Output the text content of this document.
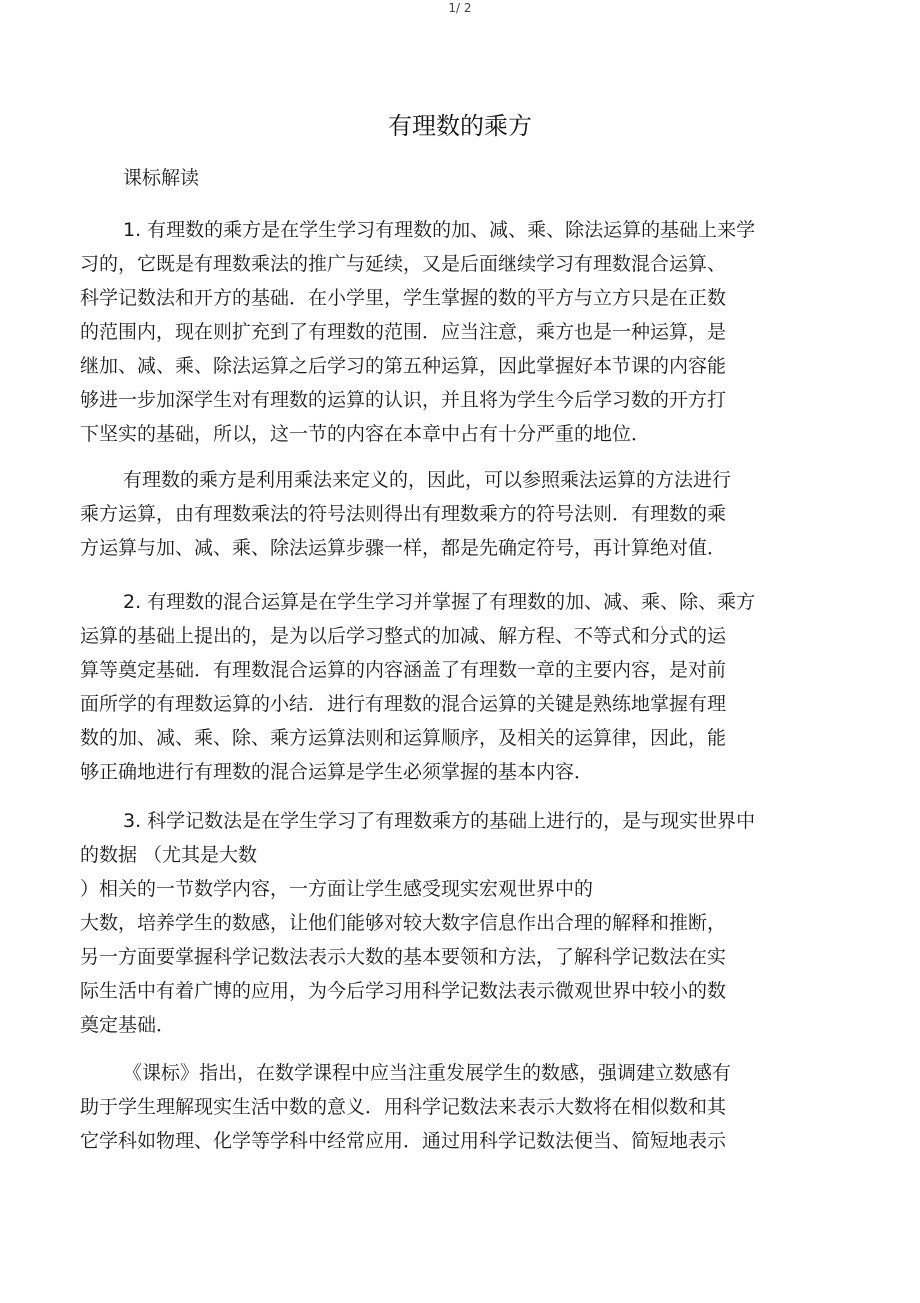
1/ 2
有理数的乘方
课标解读
1. 有理数的乘方是在学生学习有理数的加、减、乘、除法运算的基础上来学
习的，它既是有理数乘法的推广与延续，又是后面继续学习有理数混合运算、
科学记数法和开方的基础．在小学里，学生掌握的数的平方与立方只是在正数
的范围内，现在则扩充到了有理数的范围．应当注意，乘方也是一种运算，是
继加、减、乘、除法运算之后学习的第五种运算，因此掌握好本节课的内容能
够进一步加深学生对有理数的运算的认识，并且将为学生今后学习数的开方打
下坚实的基础，所以，这一节的内容在本章中占有十分严重的地位．
有理数的乘方是利用乘法来定义的，因此，可以参照乘法运算的方法进行
乘方运算，由有理数乘法的符号法则得出有理数乘方的符号法则．有理数的乘
方运算与加、减、乘、除法运算步骤一样，都是先确定符号，再计算绝对值．
2. 有理数的混合运算是在学生学习并掌握了有理数的加、减、乘、除、乘方
运算的基础上提出的，是为以后学习整式的加减、解方程、不等式和分式的运
算等奠定基础．有理数混合运算的内容涵盖了有理数一章的主要内容，是对前
面所学的有理数运算的小结．进行有理数的混合运算的关键是熟练地掌握有理
数的加、减、乘、除、乘方运算法则和运算顺序，及相关的运算律，因此，能
够正确地进行有理数的混合运算是学生必须掌握的基本内容．
3. 科学记数法是在学生学习了有理数乘方的基础上进行的，是与现实世界中
的数据 （尤其是大数
）相关的一节数学内容，一方面让学生感受现实宏观世界中的
大数，培养学生的数感，让他们能够对较大数字信息作出合理的解释和推断，
另一方面要掌握科学记数法表示大数的基本要领和方法，了解科学记数法在实
际生活中有着广博的应用，为今后学习用科学记数法表示微观世界中较小的数
奠定基础．
《课标》指出，在数学课程中应当注重发展学生的数感，强调建立数感有
助于学生理解现实生活中数的意义．用科学记数法来表示大数将在相似数和其
它学科如物理、化学等学科中经常应用．通过用科学记数法便当、简短地表示
